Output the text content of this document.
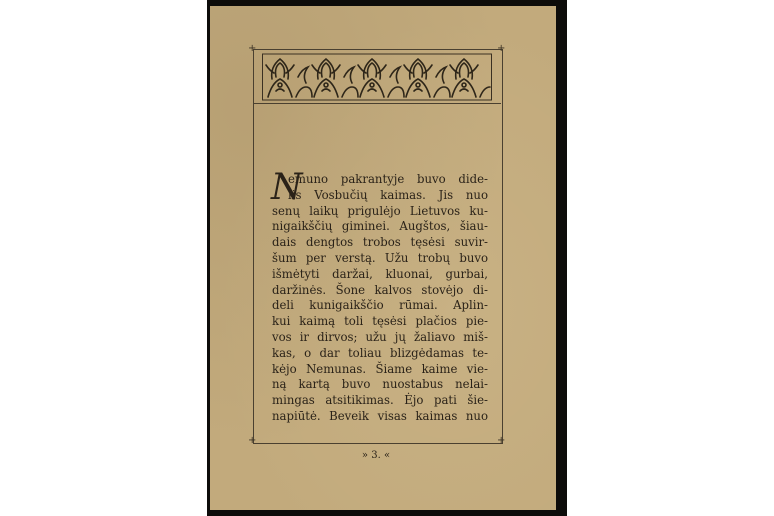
+	+
+	+
N
emuno pakrantyje buvo dide-
lis Vosbučių kaimas. Jis nuo
senų laikų prigulėjo Lietuvos ku-
nigaikščių giminei. Augštos, šiau-
dais dengtos trobos tęsėsi suvir-
šum per verstą. Užu trobų buvo
išmėtyti daržai, kluonai, gurbai,
daržinės. Šone kalvos stovėjo di-
deli kunigaikščio rūmai. Aplin-
kui kaimą toli tęsėsi plačios pie-
vos ir dirvos; užu jų žaliavo miš-
kas, o dar toliau blizgėdamas te-
kėjo Nemunas. Šiame kaime vie-
ną kartą buvo nuostabus nelai-
mingas atsitikimas. Ėjo pati šie-
napiūtė. Beveik visas kaimas nuo
» 3. «
